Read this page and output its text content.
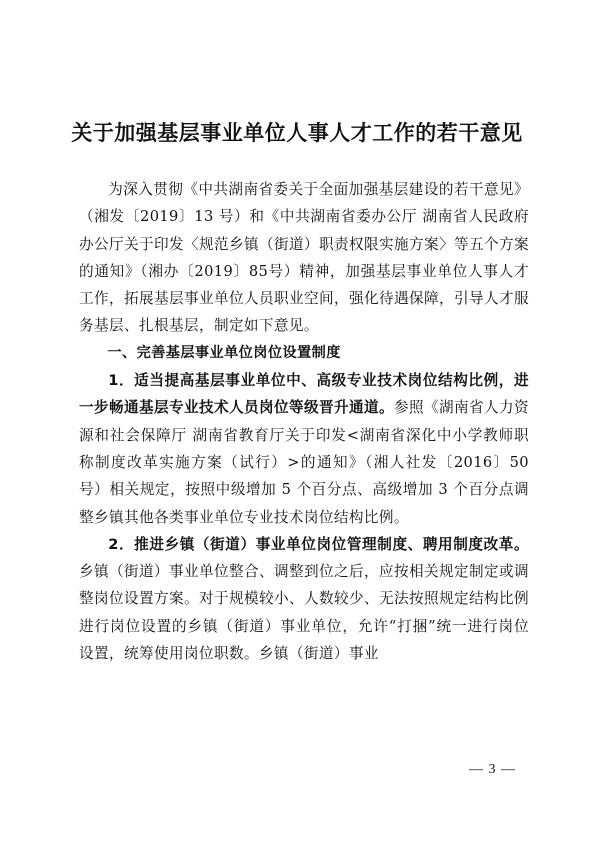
关于加强基层事业单位人事人才工作的若干意见

为深入贯彻《中共湖南省委关于全面加强基层建设的若干意见》（湘发〔2019〕13 号）和《中共湖南省委办公厅 湖南省人民政府办公厅关于印发〈规范乡镇（街道）职责权限实施方案〉等五个方案的通知》（湘办〔2019〕85号）精神，加强基层事业单位人事人才工作，拓展基层事业单位人员职业空间，强化待遇保障，引导人才服务基层、扎根基层，制定如下意见。

一、完善基层事业单位岗位设置制度

1．适当提高基层事业单位中、高级专业技术岗位结构比例，进一步畅通基层专业技术人员岗位等级晋升通道。参照《湖南省人力资源和社会保障厅 湖南省教育厅关于印发<湖南省深化中小学教师职称制度改革实施方案（试行）>的通知》（湘人社发〔2016〕50 号）相关规定，按照中级增加 5 个百分点、高级增加 3 个百分点调整乡镇其他各类事业单位专业技术岗位结构比例。

2．推进乡镇（街道）事业单位岗位管理制度、聘用制度改革。乡镇（街道）事业单位整合、调整到位之后，应按相关规定制定或调整岗位设置方案。对于规模较小、人数较少、无法按照规定结构比例进行岗位设置的乡镇（街道）事业单位，允许“打捆”统一进行岗位设置，统筹使用岗位职数。乡镇（街道）事业

— 3 —
